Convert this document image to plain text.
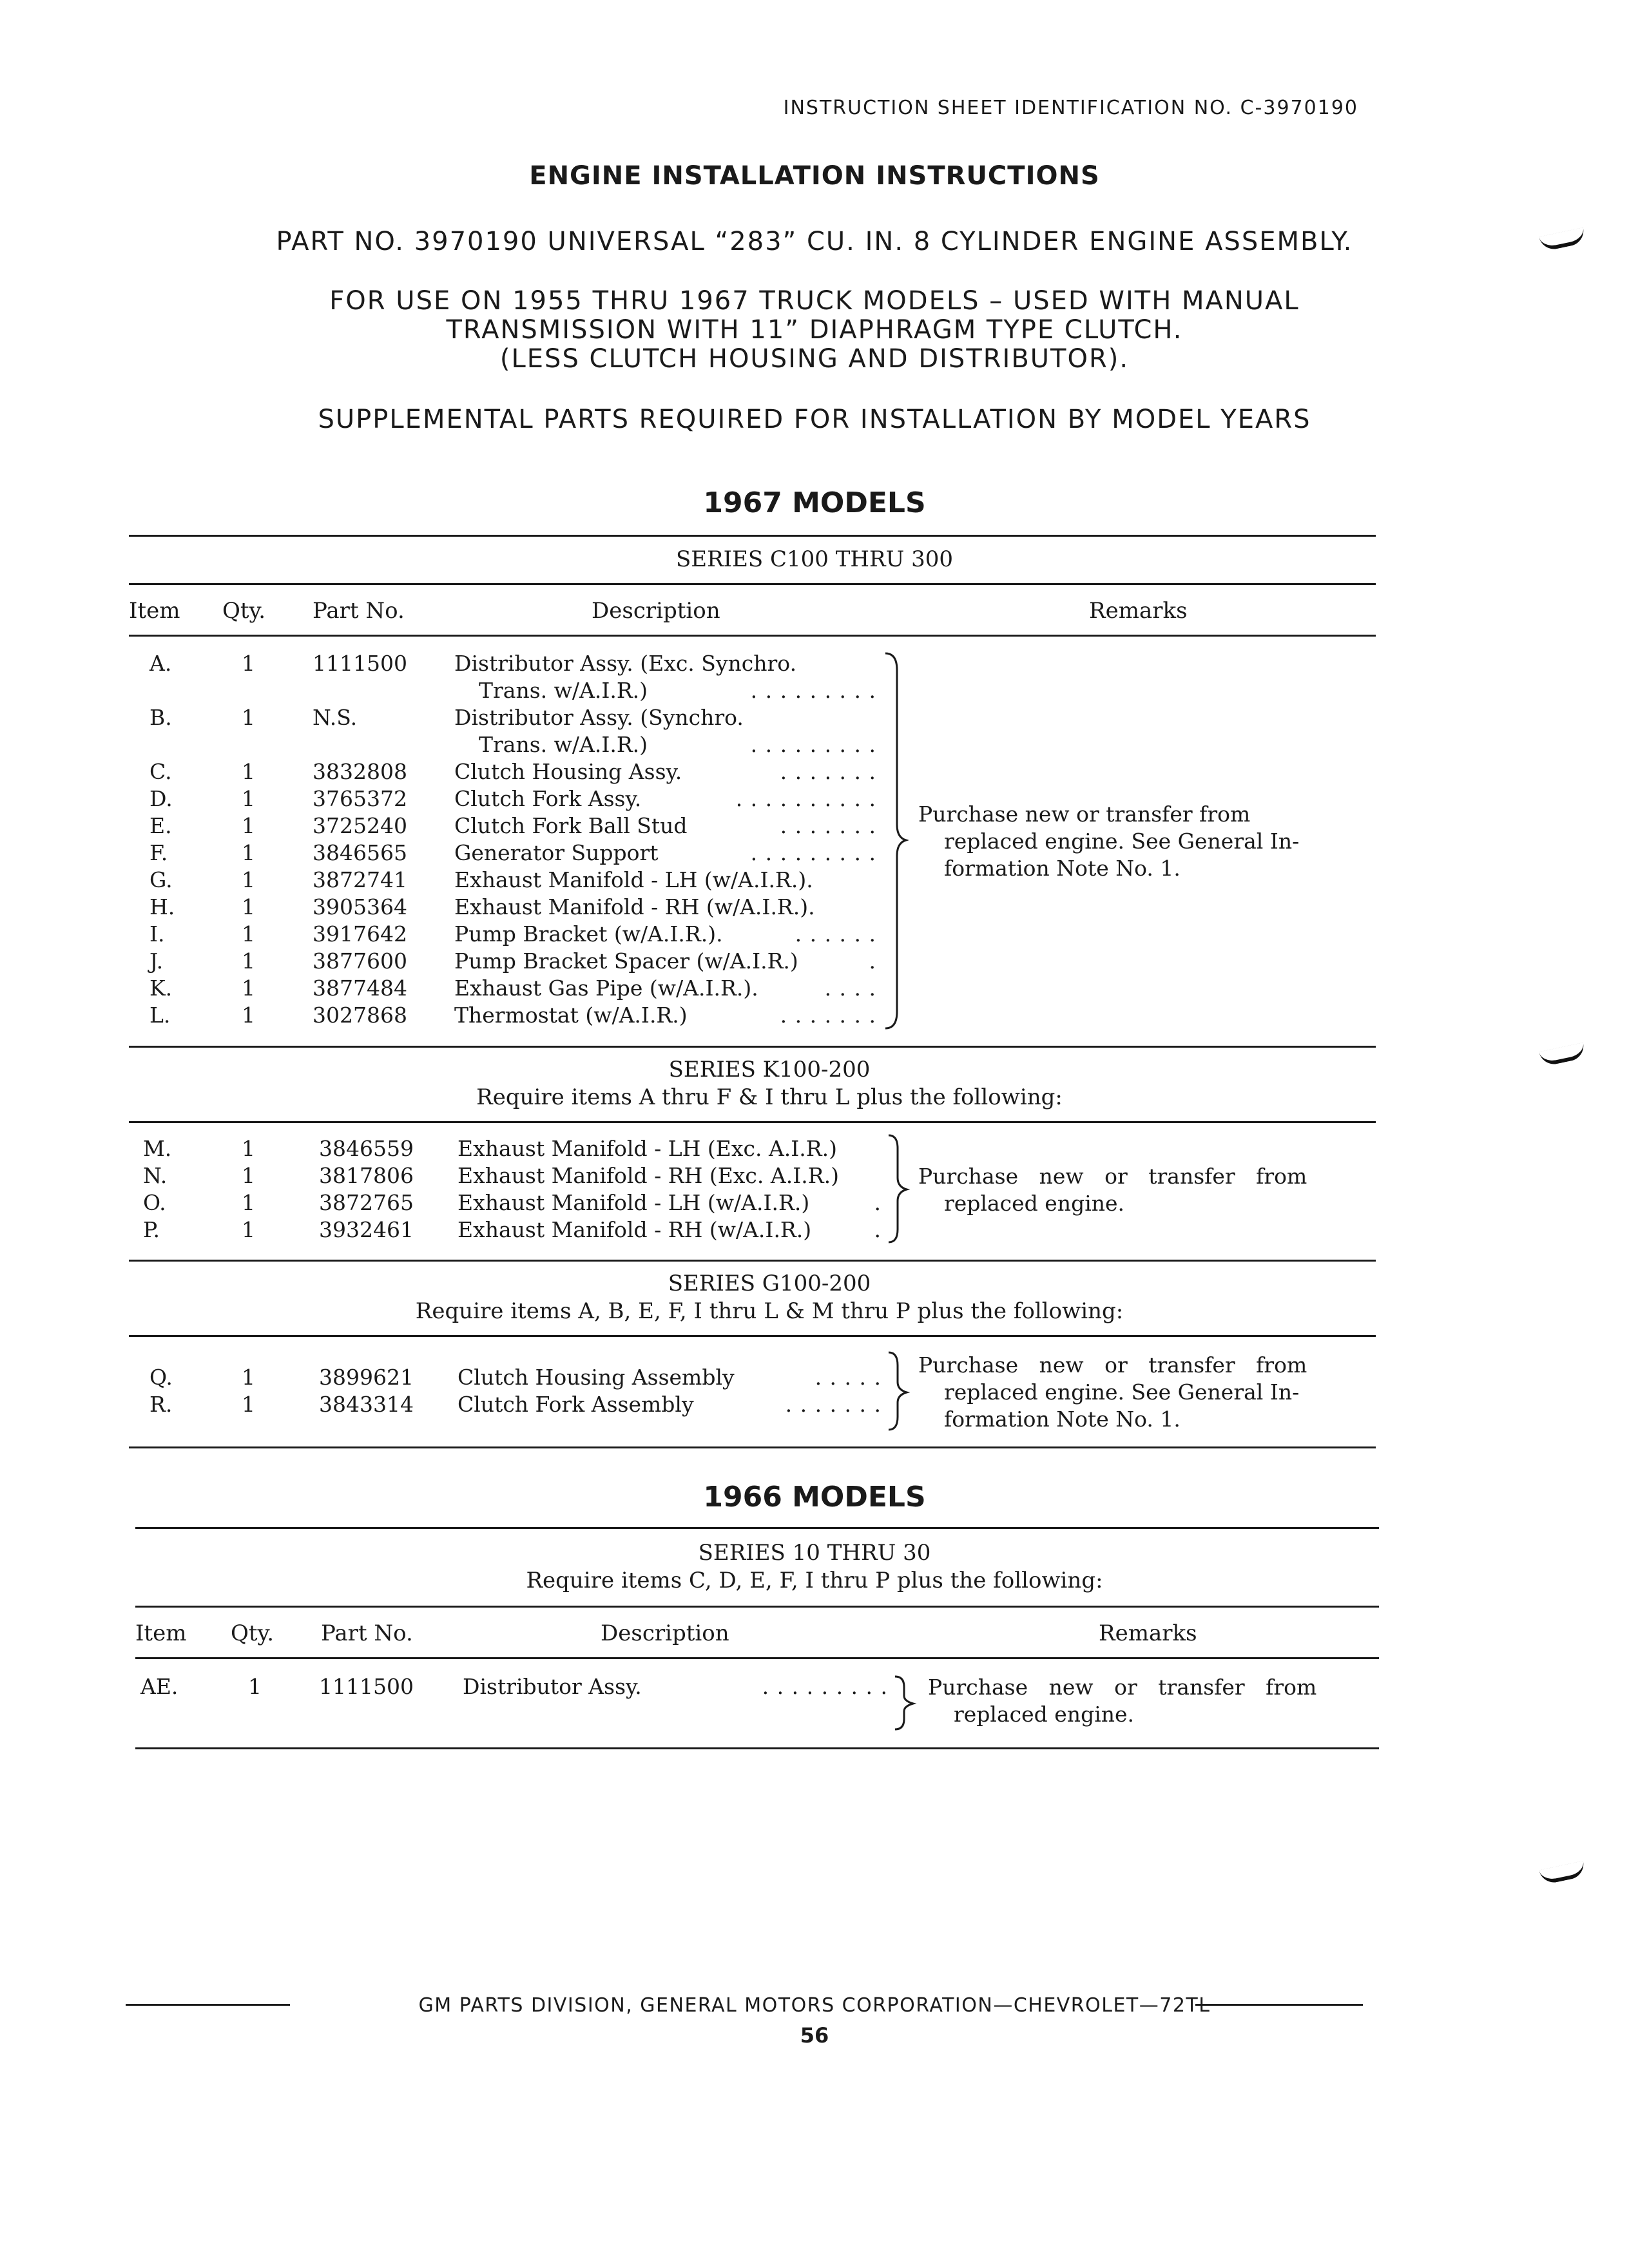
INSTRUCTION SHEET IDENTIFICATION NO. C-3970190
ENGINE INSTALLATION INSTRUCTIONS
PART NO. 3970190 UNIVERSAL “283” CU. IN. 8 CYLINDER ENGINE ASSEMBLY.
FOR USE ON 1955 THRU 1967 TRUCK MODELS – USED WITH MANUAL
TRANSMISSION WITH 11” DIAPHRAGM TYPE CLUTCH.
(LESS CLUTCH HOUSING AND DISTRIBUTOR).
SUPPLEMENTAL PARTS REQUIRED FOR INSTALLATION BY MODEL YEARS
1967 MODELS
SERIES C100 THRU 300
Item Qty. Part No.	Description	Remarks
A.	1	1111500 Distributor Assy. (Exc. Synchro.
Trans. w/A.I.R.)	. . . . . . . . .
B.	1	N.S.	Distributor Assy. (Synchro.
Trans. w/A.I.R.)	. . . . . . . . .
C.	1	3832808 Clutch Housing Assy.	. . . . . . .
D.	1	3765372 Clutch Fork Assy.	. . . . . . . . . .
E.	1	3725240 Clutch Fork Ball Stud	. . . . . . .
F.	1	3846565 Generator Support	. . . . . . . . .
G.	1	3872741 Exhaust Manifold - LH (w/A.I.R.).
H.	1	3905364 Exhaust Manifold - RH (w/A.I.R.).
I.	1	3917642 Pump Bracket (w/A.I.R.).	. . . . . .
J.	1	3877600 Pump Bracket Spacer (w/A.I.R.)	.
K.	1	3877484 Exhaust Gas Pipe (w/A.I.R.).	. . . .
L.	1	3027868 Thermostat (w/A.I.R.)	. . . . . . .
Purchase new or transfer from
replaced engine. See General In-
formation Note No. 1.
SERIES K100-200
Require items A thru F & I thru L plus the following:
M.	1	3846559 Exhaust Manifold - LH (Exc. A.I.R.)
N.	1	3817806 Exhaust Manifold - RH (Exc. A.I.R.)
O.	1	3872765 Exhaust Manifold - LH (w/A.I.R.)	.
P.	1	3932461 Exhaust Manifold - RH (w/A.I.R.)	.
Purchase new or transfer from
replaced engine.
SERIES G100-200
Require items A, B, E, F, I thru L & M thru P plus the following:
Q.	1	3899621 Clutch Housing Assembly	. . . . .
R.	1	3843314 Clutch Fork Assembly	. . . . . . .
Purchase new or transfer from
replaced engine. See General In-
formation Note No. 1.
1966 MODELS
SERIES 10 THRU 30
Require items C, D, E, F, I thru P plus the following:
Item Qty. Part No.	Description	Remarks
AE.	1	1111500 Distributor Assy.	. . . . . . . . . Purchase new or transfer from
replaced engine.
GM PARTS DIVISION, GENERAL MOTORS CORPORATION—CHEVROLET—72TL
56
